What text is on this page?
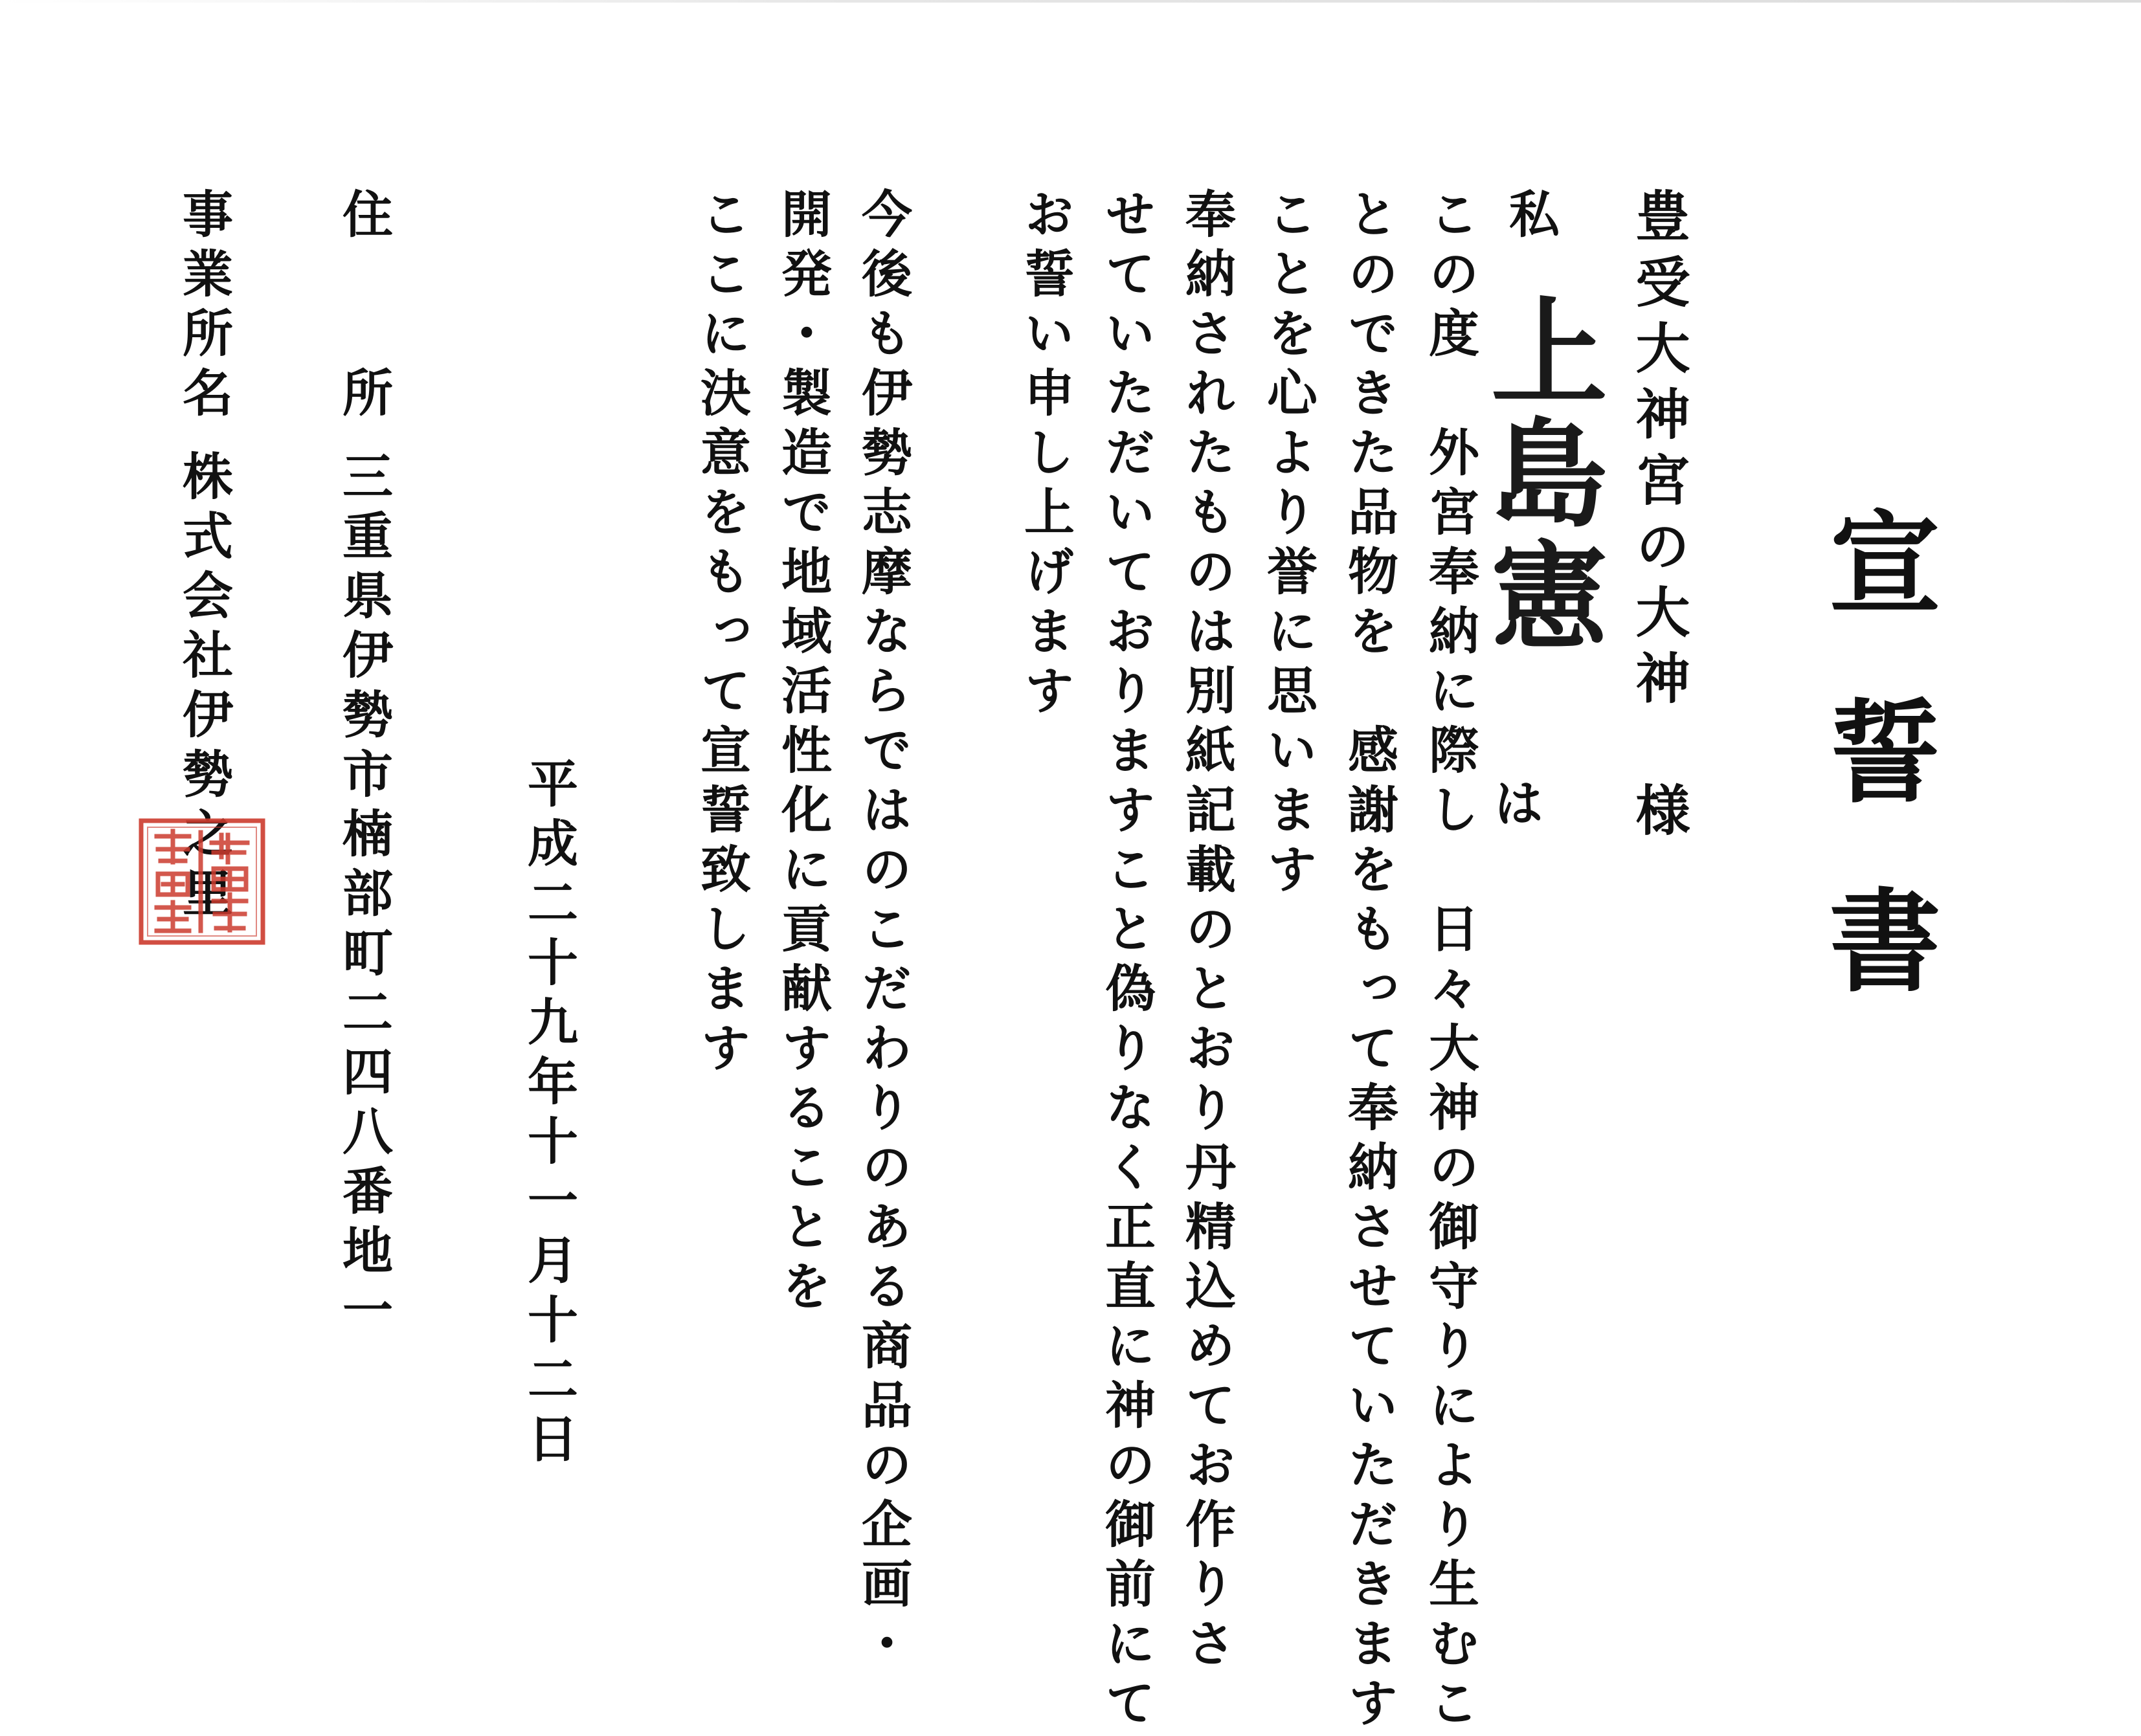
宣誓書
豊受大神宮の大神　様
私
上島憲
は
この度　外宮奉納に際し　日々大神の御守りにより生むこ
とのできた品物を　感謝をもって奉納させていただきます
ことを心より誉に思います
奉納されたものは別紙記載のとおり丹精込めてお作りさ
せていただいておりますこと偽りなく正直に神の御前にて
お誓い申し上げます
今後も伊勢志摩ならではのこだわりのある商品の企画・
開発・製造で地域活性化に貢献することを
ここに決意をもって宣誓致します
平成二十九年十一月十二日
住　　所
三重県伊勢市楠部町二四八番地一
事業所名
株式会社伊勢之里
